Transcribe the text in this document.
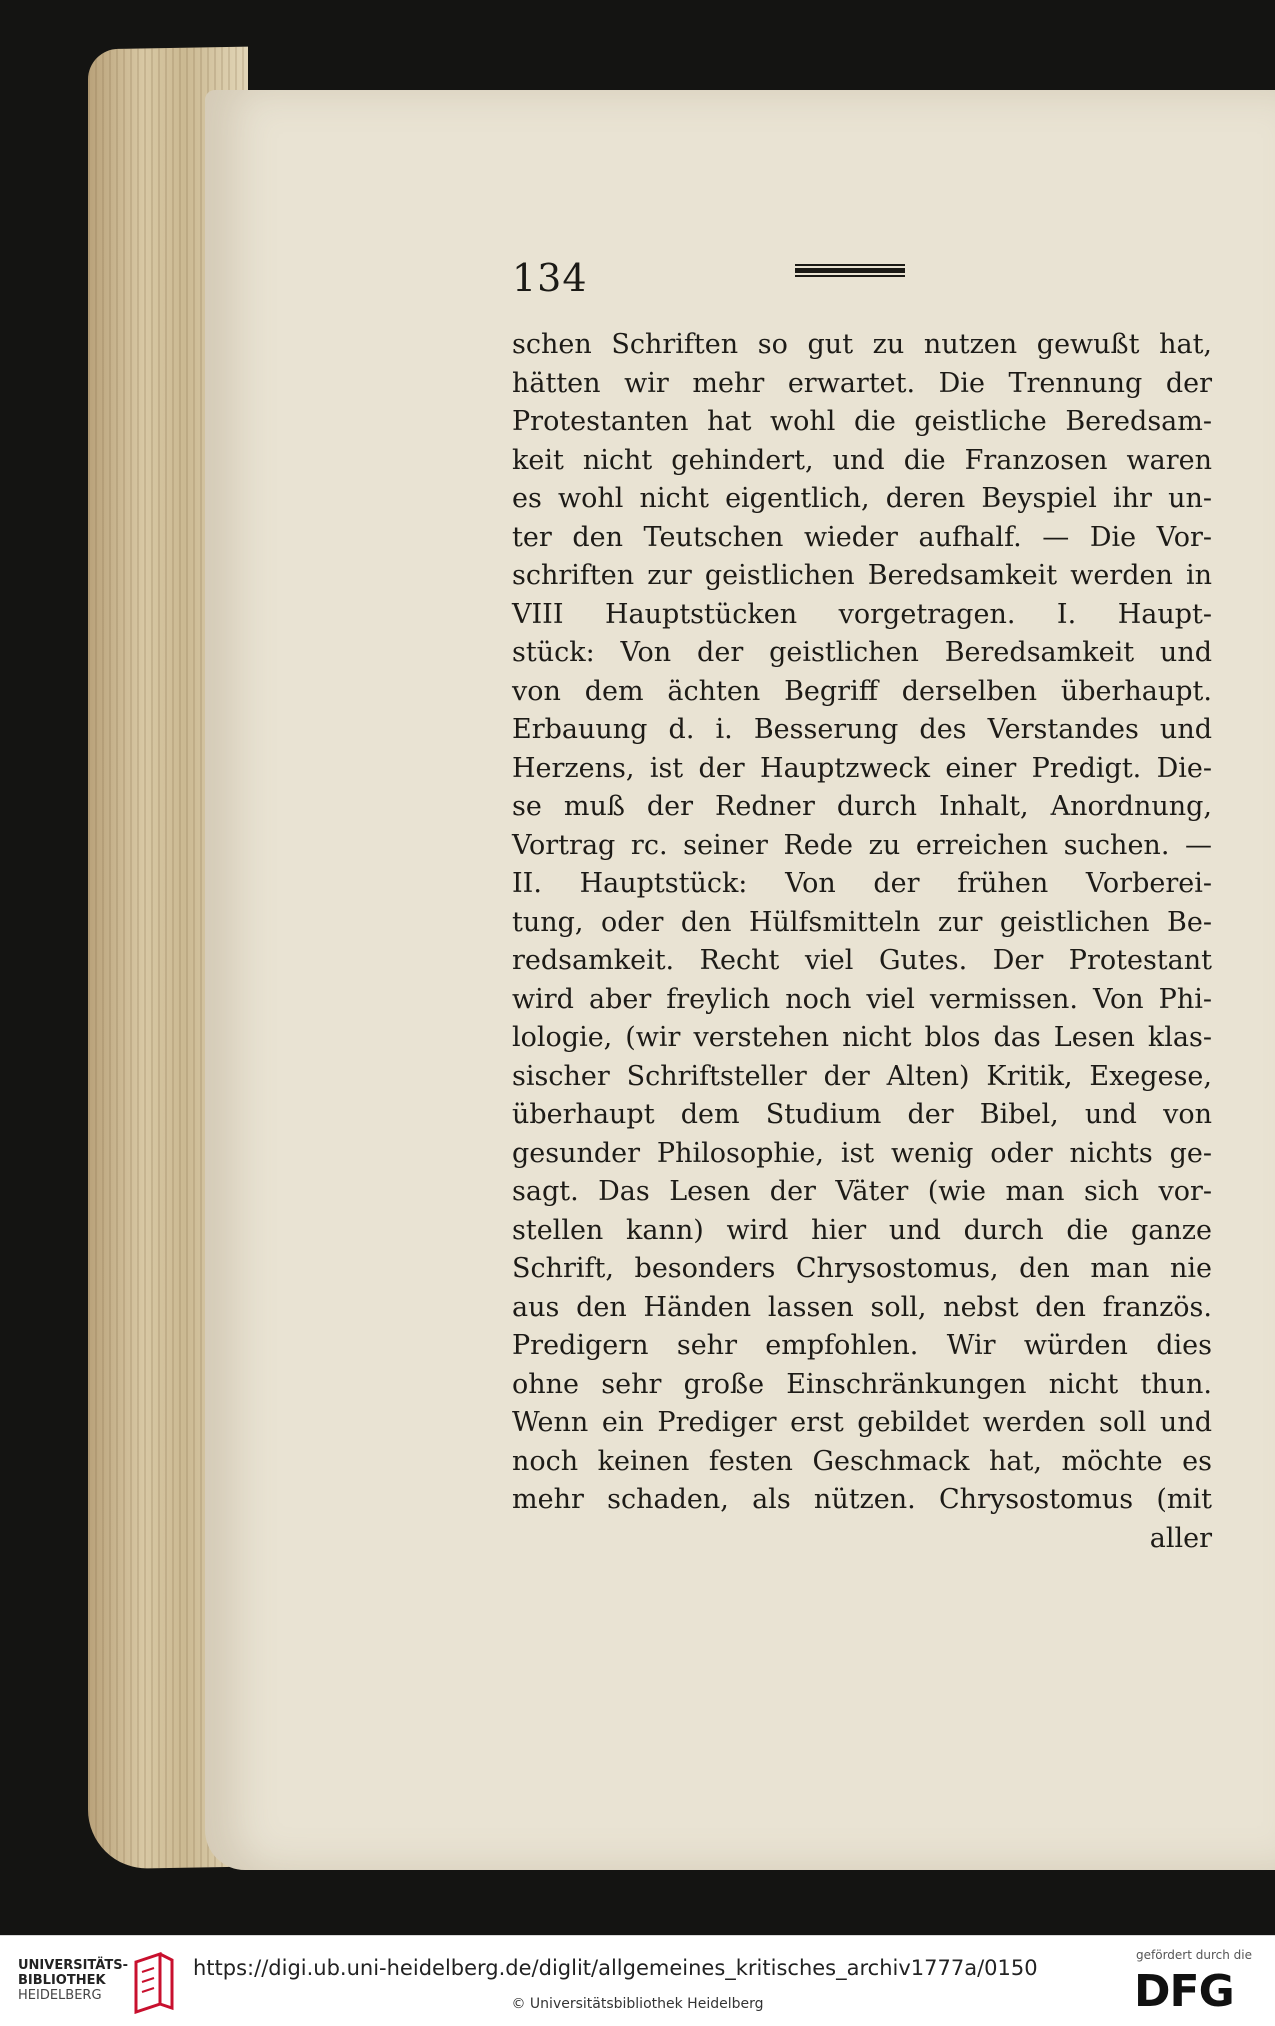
134
schen Schriften so gut zu nutzen gewußt hat,
hätten wir mehr erwartet. Die Trennung der
Protestanten hat wohl die geistliche Beredsam-
keit nicht gehindert, und die Franzosen waren
es wohl nicht eigentlich, deren Beyspiel ihr un-
ter den Teutschen wieder aufhalf. — Die Vor-
schriften zur geistlichen Beredsamkeit werden in
VIII Hauptstücken vorgetragen. I. Haupt-
stück: Von der geistlichen Beredsamkeit und
von dem ächten Begriff derselben überhaupt.
Erbauung d. i. Besserung des Verstandes und
Herzens, ist der Hauptzweck einer Predigt. Die-
se muß der Redner durch Inhalt, Anordnung,
Vortrag rc. seiner Rede zu erreichen suchen. —
II. Hauptstück: Von der frühen Vorberei-
tung, oder den Hülfsmitteln zur geistlichen Be-
redsamkeit. Recht viel Gutes. Der Protestant
wird aber freylich noch viel vermissen. Von Phi-
lologie, (wir verstehen nicht blos das Lesen klas-
sischer Schriftsteller der Alten) Kritik, Exegese,
überhaupt dem Studium der Bibel, und von
gesunder Philosophie, ist wenig oder nichts ge-
sagt. Das Lesen der Väter (wie man sich vor-
stellen kann) wird hier und durch die ganze
Schrift, besonders Chrysostomus, den man nie
aus den Händen lassen soll, nebst den französ.
Predigern sehr empfohlen. Wir würden dies
ohne sehr große Einschränkungen nicht thun.
Wenn ein Prediger erst gebildet werden soll und
noch keinen festen Geschmack hat, möchte es
mehr schaden, als nützen. Chrysostomus (mit
aller
UNIVERSITÄTS-
BIBLIOTHEK
HEIDELBERG
https://digi.ub.uni-heidelberg.de/diglit/allgemeines_kritisches_archiv1777a/0150
© Universitätsbibliothek Heidelberg
gefördert durch die
DFG
